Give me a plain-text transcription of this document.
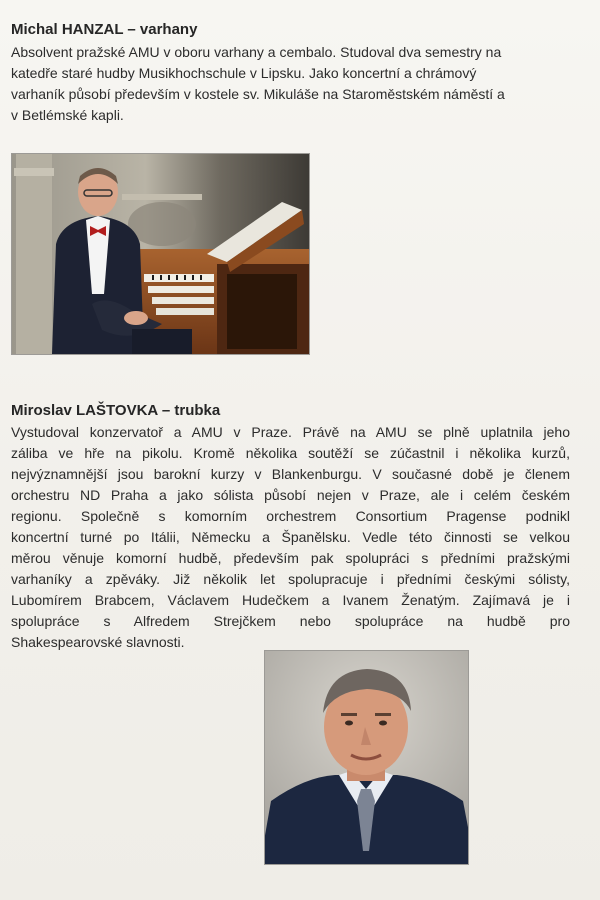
Michal HANZAL – varhany
Absolvent pražské AMU v oboru varhany a cembalo. Studoval dva semestry na
katedře staré hudby Musikhochschule v Lipsku. Jako koncertní a chrámový
varhaník působí především v kostele sv. Mikuláše na Staroměstském náměstí a
v Betlémské kapli.
Miroslav LAŠTOVKA – trubka
Vystudoval konzervatoř a AMU v Praze. Právě na AMU se plně uplatnila jeho
záliba ve hře na pikolu. Kromě několika soutěží se zúčastnil i několika kurzů,
nejvýznamnější jsou barokní kurzy v Blankenburgu. V současné době je členem
orchestru ND Praha a jako sólista působí nejen v Praze, ale i celém českém
regionu. Společně s komorním orchestrem Consortium Pragense podnikl
koncertní turné po Itálii, Německu a Španělsku. Vedle této činnosti se velkou
měrou věnuje komorní hudbě, především pak spolupráci s předními pražskými
varhaníky a zpěváky. Již několik let spolupracuje i předními českými sólisty,
Lubomírem Brabcem, Václavem Hudečkem a Ivanem Ženatým. Zajímavá je i
spolupráce s Alfredem Strejčkem nebo spolupráce na hudbě pro
Shakespearovské slavnosti.
